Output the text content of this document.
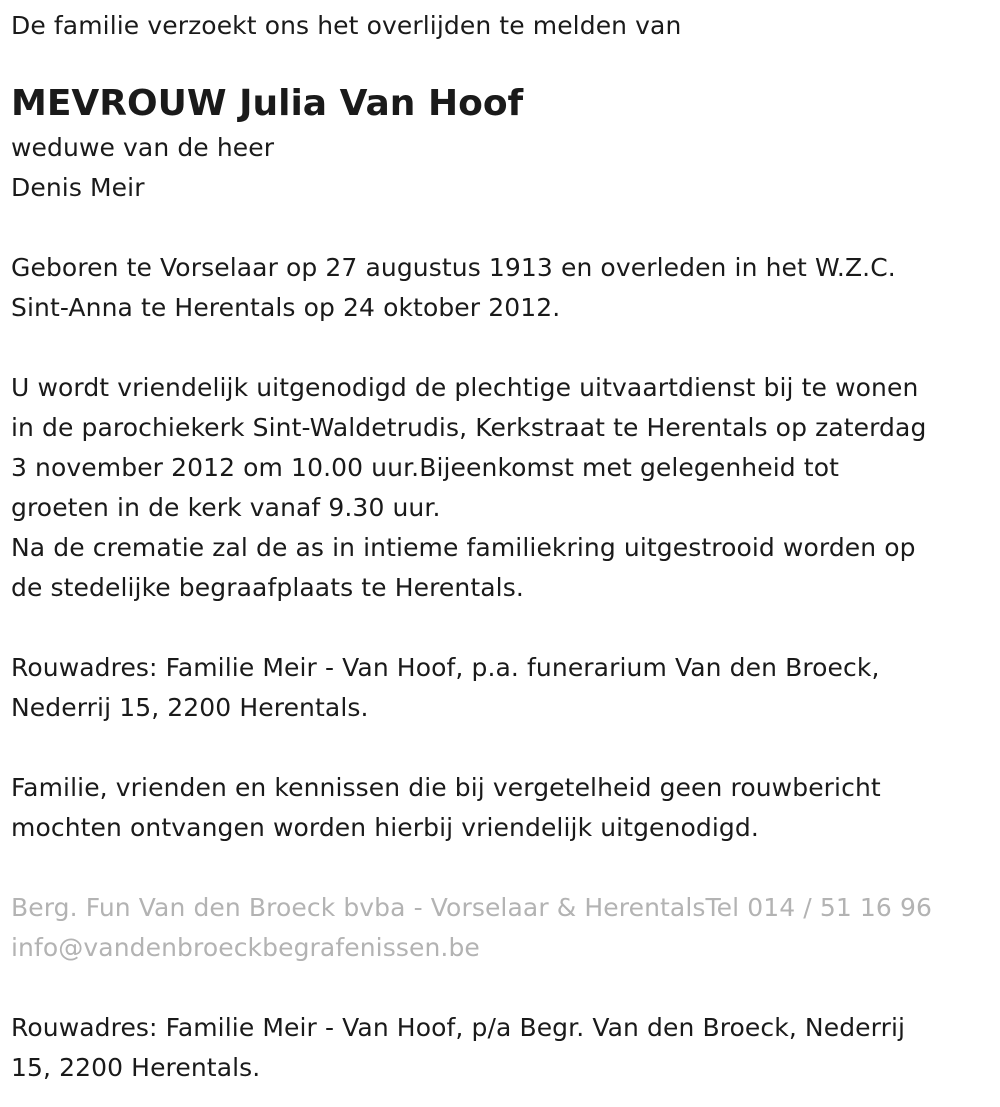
De familie verzoekt ons het overlijden te melden van
MEVROUW Julia Van Hoof
weduwe van de heer
Denis Meir
Geboren te Vorselaar op 27 augustus 1913 en overleden in het W.Z.C.
Sint-Anna te Herentals op 24 oktober 2012.
U wordt vriendelijk uitgenodigd de plechtige uitvaartdienst bij te wonen
in de parochiekerk Sint-Waldetrudis, Kerkstraat te Herentals op zaterdag
3 november 2012 om 10.00 uur.Bijeenkomst met gelegenheid tot
groeten in de kerk vanaf 9.30 uur.
Na de crematie zal de as in intieme familiekring uitgestrooid worden op
de stedelijke begraafplaats te Herentals.
Rouwadres: Familie Meir - Van Hoof, p.a. funerarium Van den Broeck,
Nederrij 15, 2200 Herentals.
Familie, vrienden en kennissen die bij vergetelheid geen rouwbericht
mochten ontvangen worden hierbij vriendelijk uitgenodigd.
Berg. Fun Van den Broeck bvba - Vorselaar & HerentalsTel 014 / 51 16 96
info@vandenbroeckbegrafenissen.be
Rouwadres: Familie Meir - Van Hoof, p/a Begr. Van den Broeck, Nederrij
15, 2200 Herentals.
